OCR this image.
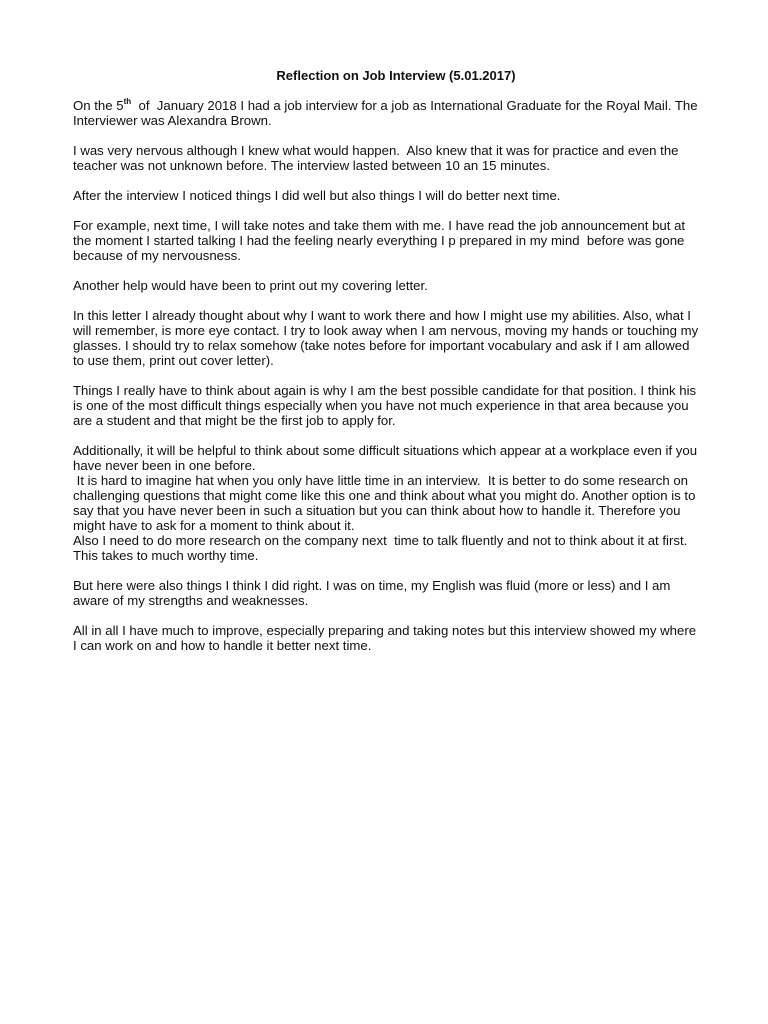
Reflection on Job Interview (5.01.2017)

On the 5th  of  January 2018 I had a job interview for a job as International Graduate for the Royal Mail. The Interviewer was Alexandra Brown.

I was very nervous although I knew what would happen.  Also knew that it was for practice and even the teacher was not unknown before. The interview lasted between 10 an 15 minutes.

After the interview I noticed things I did well but also things I will do better next time.

For example, next time, I will take notes and take them with me. I have read the job announcement but at the moment I started talking I had the feeling nearly everything I p prepared in my mind  before was gone because of my nervousness.

Another help would have been to print out my covering letter.

In this letter I already thought about why I want to work there and how I might use my abilities. Also, what I will remember, is more eye contact. I try to look away when I am nervous, moving my hands or touching my glasses. I should try to relax somehow (take notes before for important vocabulary and ask if I am allowed to use them, print out cover letter).

Things I really have to think about again is why I am the best possible candidate for that position. I think his is one of the most difficult things especially when you have not much experience in that area because you are a student and that might be the first job to apply for.

Additionally, it will be helpful to think about some difficult situations which appear at a workplace even if you have never been in one before.

It is hard to imagine hat when you only have little time in an interview.  It is better to do some research on challenging questions that might come like this one and think about what you might do. Another option is to say that you have never been in such a situation but you can think about how to handle it. Therefore you might have to ask for a moment to think about it.

Also I need to do more research on the company next  time to talk fluently and not to think about it at first. This takes to much worthy time.

But here were also things I think I did right. I was on time, my English was fluid (more or less) and I am aware of my strengths and weaknesses.

All in all I have much to improve, especially preparing and taking notes but this interview showed my where I can work on and how to handle it better next time.
